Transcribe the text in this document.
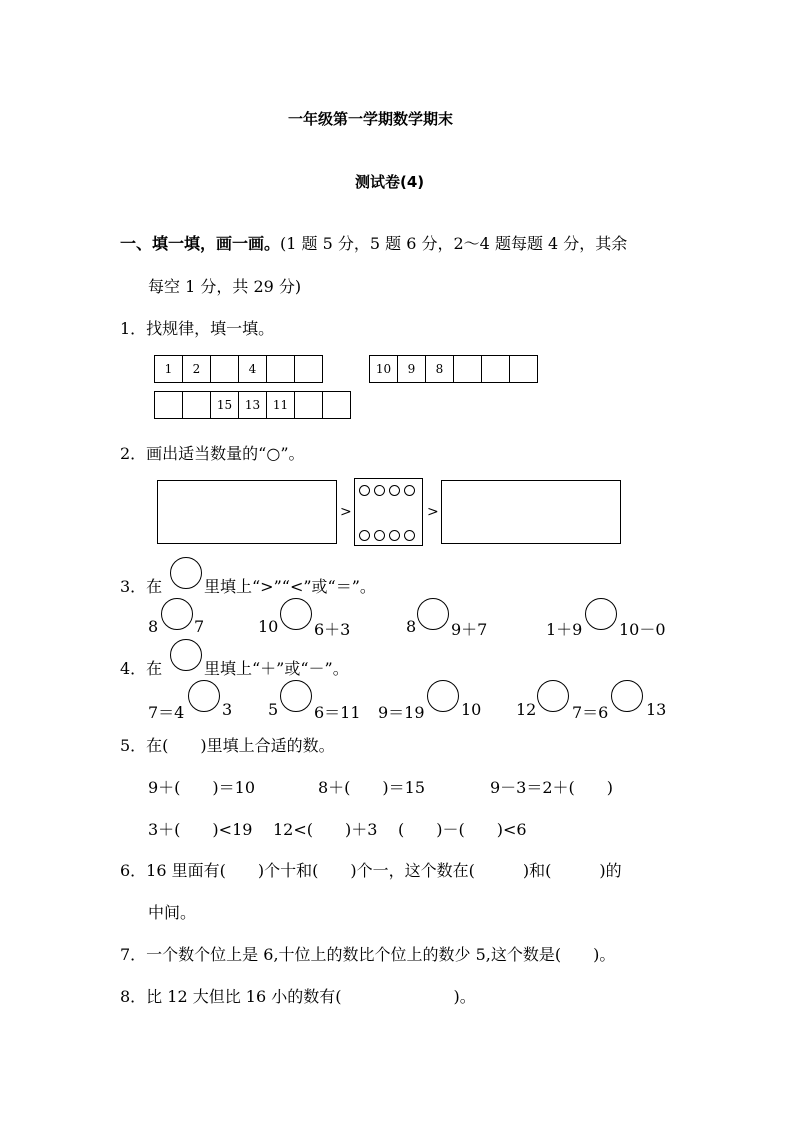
一年级第一学期数学期末
测试卷(4)
一、填一填，画一画。(1 题 5 分，5 题 6 分，2～4 题每题 4 分，其余
每空 1 分，共 29 分)
1．找规律，填一填。
1	2	4	10	9	8
15	13	11
2．画出适当数量的“○”。
>	>
3．在	里填上“>”“<”或“＝”。
8 7	10 6＋3	8 9＋7	1＋9 10－0
4．在	里填上“＋”或“－”。
7＝4 3 5 6＝11 9＝19 10 12 7＝6 13
5．在(　　)里填上合适的数。
9＋(　　)＝10	8＋(　　)＝15	9－3＝2＋(　　)
3＋(　　)<19 12<(　　)＋3 (　　)－(　　)<6
6．16 里面有(　　)个十和(　　)个一，这个数在(　　　)和(　　　)的
中间。
7．一个数个位上是 6,十位上的数比个位上的数少 5,这个数是(　　)。
8．比 12 大但比 16 小的数有(　　　　　　　)。
